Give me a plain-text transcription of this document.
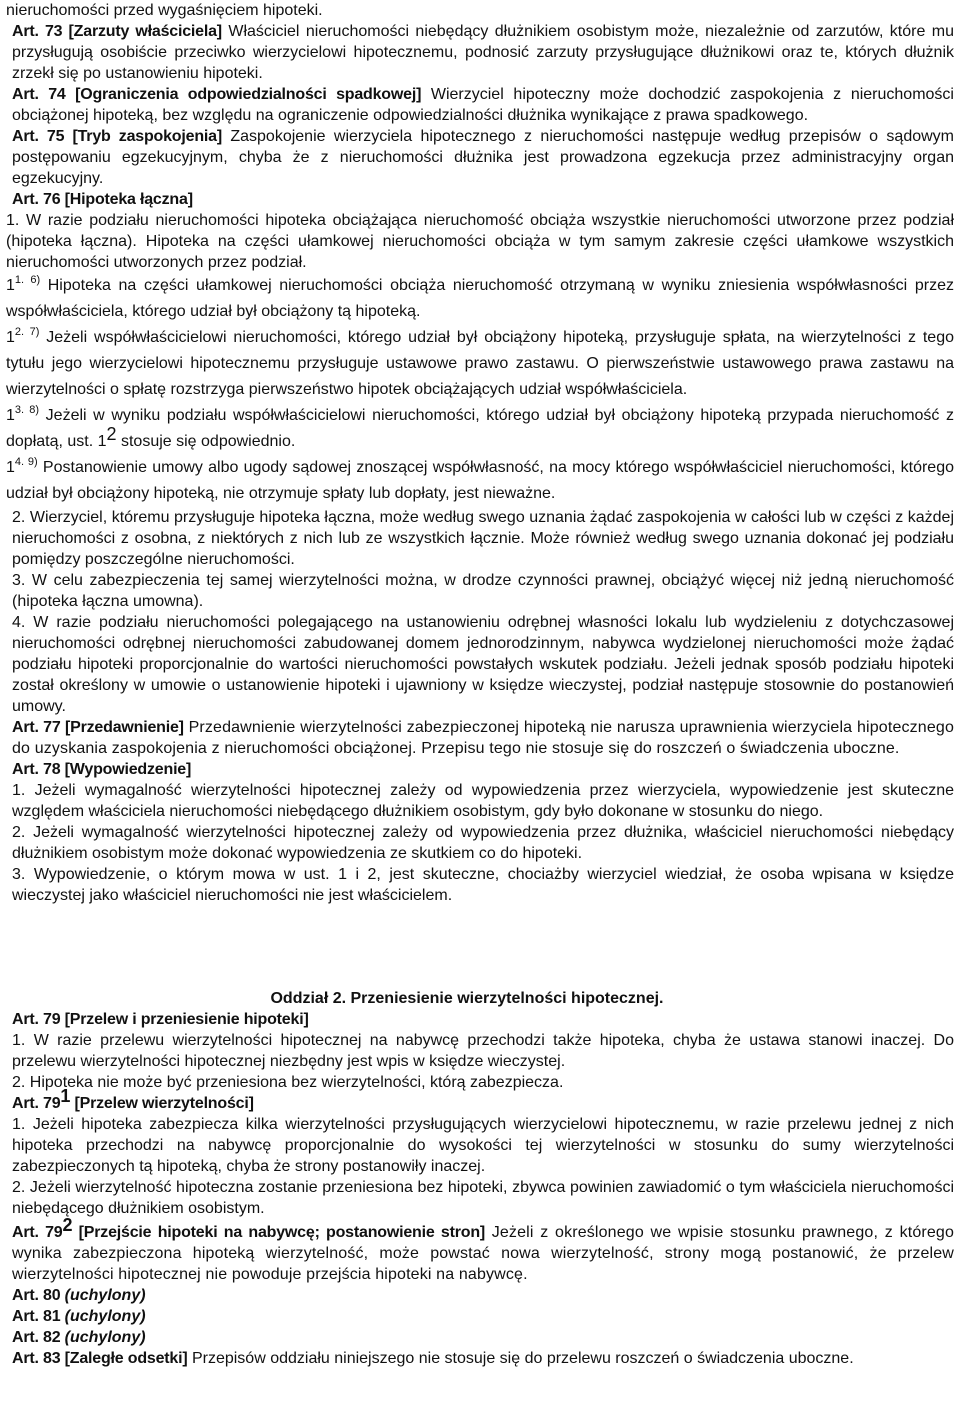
nieruchomości przed wygaśnięciem hipoteki.

Art. 73 [Zarzuty właściciela] Właściciel nieruchomości niebędący dłużnikiem osobistym może, niezależnie od zarzutów, które mu przysługują osobiście przeciwko wierzycielowi hipotecznemu, podnosić zarzuty przysługujące dłużnikowi oraz te, których dłużnik zrzekł się po ustanowieniu hipoteki.

Art. 74 [Ograniczenia odpowiedzialności spadkowej] Wierzyciel hipoteczny może dochodzić zaspokojenia z nieruchomości obciążonej hipoteką, bez względu na ograniczenie odpowiedzialności dłużnika wynikające z prawa spadkowego.

Art. 75 [Tryb zaspokojenia] Zaspokojenie wierzyciela hipotecznego z nieruchomości następuje według przepisów o sądowym postępowaniu egzekucyjnym, chyba że z nieruchomości dłużnika jest prowadzona egzekucja przez administracyjny organ egzekucyjny.

Art. 76 [Hipoteka łączna]

1. W razie podziału nieruchomości hipoteka obciążająca nieruchomość obciąża wszystkie nieruchomości utworzone przez podział (hipoteka łączna). Hipoteka na części ułamkowej nieruchomości obciąża w tym samym zakresie części ułamkowe wszystkich nieruchomości utworzonych przez podział.

$1^{1. 6)}$ Hipoteka na części ułamkowej nieruchomości obciąża nieruchomość otrzymaną w wyniku zniesienia współwłasności przez współwłaściciela, którego udział był obciążony tą hipoteką.

$1^{2. 7)}$ Jeżeli współwłaścicielowi nieruchomości, którego udział był obciążony hipoteką, przysługuje spłata, na wierzytelności z tego tytułu jego wierzycielowi hipotecznemu przysługuje ustawowe prawo zastawu. O pierwszeństwie ustawowego prawa zastawu na wierzytelności o spłatę rozstrzyga pierwszeństwo hipotek obciążających udział współwłaściciela.

$1^{3. 8)}$ Jeżeli w wyniku podziału współwłaścicielowi nieruchomości, którego udział był obciążony hipoteką przypada nieruchomość z dopłatą, ust. 12 stosuje się odpowiednio.

$1^{4. 9)}$ Postanowienie umowy albo ugody sądowej znoszącej współwłasność, na mocy którego współwłaściciel nieruchomości, którego udział był obciążony hipoteką, nie otrzymuje spłaty lub dopłaty, jest nieważne.

2. Wierzyciel, któremu przysługuje hipoteka łączna, może według swego uznania żądać zaspokojenia w całości lub w części z każdej nieruchomości z osobna, z niektórych z nich lub ze wszystkich łącznie. Może również według swego uznania dokonać jej podziału pomiędzy poszczególne nieruchomości.

3. W celu zabezpieczenia tej samej wierzytelności można, w drodze czynności prawnej, obciążyć więcej niż jedną nieruchomość (hipoteka łączna umowna).

4. W razie podziału nieruchomości polegającego na ustanowieniu odrębnej własności lokalu lub wydzieleniu z dotychczasowej nieruchomości odrębnej nieruchomości zabudowanej domem jednorodzinnym, nabywca wydzielonej nieruchomości może żądać podziału hipoteki proporcjonalnie do wartości nieruchomości powstałych wskutek podziału. Jeżeli jednak sposób podziału hipoteki został określony w umowie o ustanowienie hipoteki i ujawniony w księdze wieczystej, podział następuje stosownie do postanowień umowy.

Art. 77 [Przedawnienie] Przedawnienie wierzytelności zabezpieczonej hipoteką nie narusza uprawnienia wierzyciela hipotecznego do uzyskania zaspokojenia z nieruchomości obciążonej. Przepisu tego nie stosuje się do roszczeń o świadczenia uboczne.

Art. 78 [Wypowiedzenie]

1. Jeżeli wymagalność wierzytelności hipotecznej zależy od wypowiedzenia przez wierzyciela, wypowiedzenie jest skuteczne względem właściciela nieruchomości niebędącego dłużnikiem osobistym, gdy było dokonane w stosunku do niego.

2. Jeżeli wymagalność wierzytelności hipotecznej zależy od wypowiedzenia przez dłużnika, właściciel nieruchomości niebędący dłużnikiem osobistym może dokonać wypowiedzenia ze skutkiem co do hipoteki.

3. Wypowiedzenie, o którym mowa w ust. 1 i 2, jest skuteczne, chociażby wierzyciel wiedział, że osoba wpisana w księdze wieczystej jako właściciel nieruchomości nie jest właścicielem.

Oddział 2. Przeniesienie wierzytelności hipotecznej.

Art. 79 [Przelew i przeniesienie hipoteki]

1. W razie przelewu wierzytelności hipotecznej na nabywcę przechodzi także hipoteka, chyba że ustawa stanowi inaczej. Do przelewu wierzytelności hipotecznej niezbędny jest wpis w księdze wieczystej.

2. Hipoteka nie może być przeniesiona bez wierzytelności, którą zabezpiecza.

Art. 791 [Przelew wierzytelności]

1. Jeżeli hipoteka zabezpiecza kilka wierzytelności przysługujących wierzycielowi hipotecznemu, w razie przelewu jednej z nich hipoteka przechodzi na nabywcę proporcjonalnie do wysokości tej wierzytelności w stosunku do sumy wierzytelności zabezpieczonych tą hipoteką, chyba że strony postanowiły inaczej.

2. Jeżeli wierzytelność hipoteczna zostanie przeniesiona bez hipoteki, zbywca powinien zawiadomić o tym właściciela nieruchomości niebędącego dłużnikiem osobistym.

Art. 792 [Przejście hipoteki na nabywcę; postanowienie stron] Jeżeli z określonego we wpisie stosunku prawnego, z którego wynika zabezpieczona hipoteką wierzytelność, może powstać nowa wierzytelność, strony mogą postanowić, że przelew wierzytelności hipotecznej nie powoduje przejścia hipoteki na nabywcę.

Art. 80 (uchylony)

Art. 81 (uchylony)

Art. 82 (uchylony)

Art. 83 [Zaległe odsetki] Przepisów oddziału niniejszego nie stosuje się do przelewu roszczeń o świadczenia uboczne.
